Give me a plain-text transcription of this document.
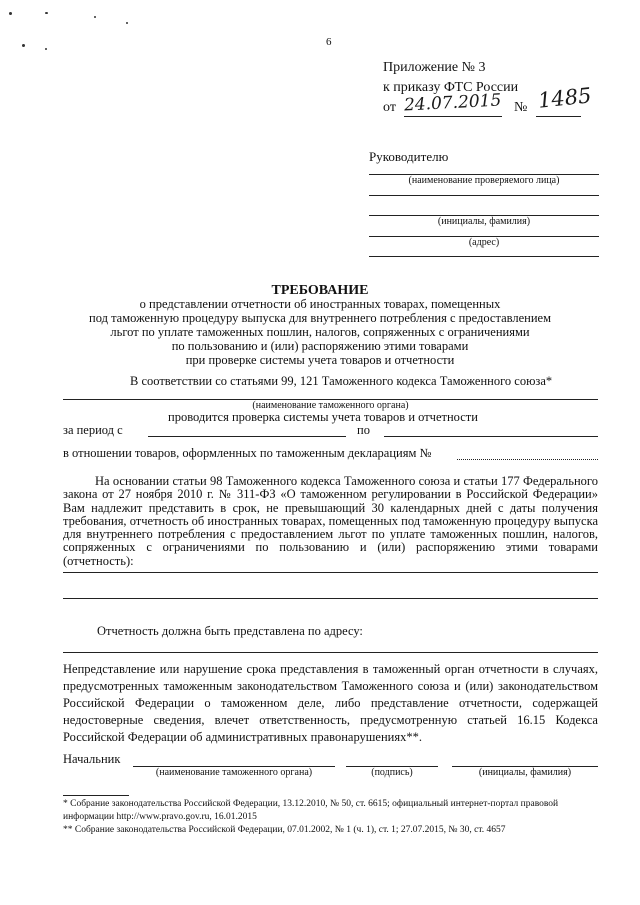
6
Приложение № 3
к приказу ФТС России
от 24.07.2015 № 1485
Руководителю
(наименование проверяемого лица)
(инициалы, фамилия)
(адрес)
ТРЕБОВАНИЕ
о представлении отчетности об иностранных товарах, помещенных
под таможенную процедуру выпуска для внутреннего потребления с предоставлением
льгот по уплате таможенных пошлин, налогов, сопряженных с ограничениями
по пользованию и (или) распоряжению этими товарами
при проверке системы учета товаров и отчетности
В соответствии со статьями 99, 121 Таможенного кодекса Таможенного союза*
(наименование таможенного органа)
проводится проверка системы учета товаров и отчетности
за период с	по
в отношении товаров, оформленных по таможенным декларациям №
На основании статьи 98 Таможенного кодекса Таможенного союза и статьи 177 Федерального закона от 27 ноября 2010 г. № 311-ФЗ «О таможенном регулировании в Российской Федерации» Вам надлежит представить в срок, не превышающий 30 календарных дней с даты получения требования, отчетность об иностранных товарах, помещенных под таможенную процедуру выпуска для внутреннего потребления с предоставлением льгот по уплате таможенных пошлин, налогов, сопряженных с ограничениями по пользованию и (или) распоряжению этими товарами (отчетность):
Отчетность должна быть представлена по адресу:
Непредставление или нарушение срока представления в таможенный орган отчетности в случаях, предусмотренных таможенным законодательством Таможенного союза и (или) законодательством Российской Федерации о таможенном деле, либо представление отчетности, содержащей недостоверные сведения, влечет ответственность, предусмотренную статьей 16.15 Кодекса Российской Федерации об административных правонарушениях**.
Начальник
(наименование таможенного органа)	(подпись)	(инициалы, фамилия)
* Собрание законодательства Российской Федерации, 13.12.2010, № 50, ст. 6615; официальный интернет-портал правовой информации http://www.pravo.gov.ru, 16.01.2015
** Собрание законодательства Российской Федерации, 07.01.2002, № 1 (ч. 1), ст. 1; 27.07.2015, № 30, ст. 4657
